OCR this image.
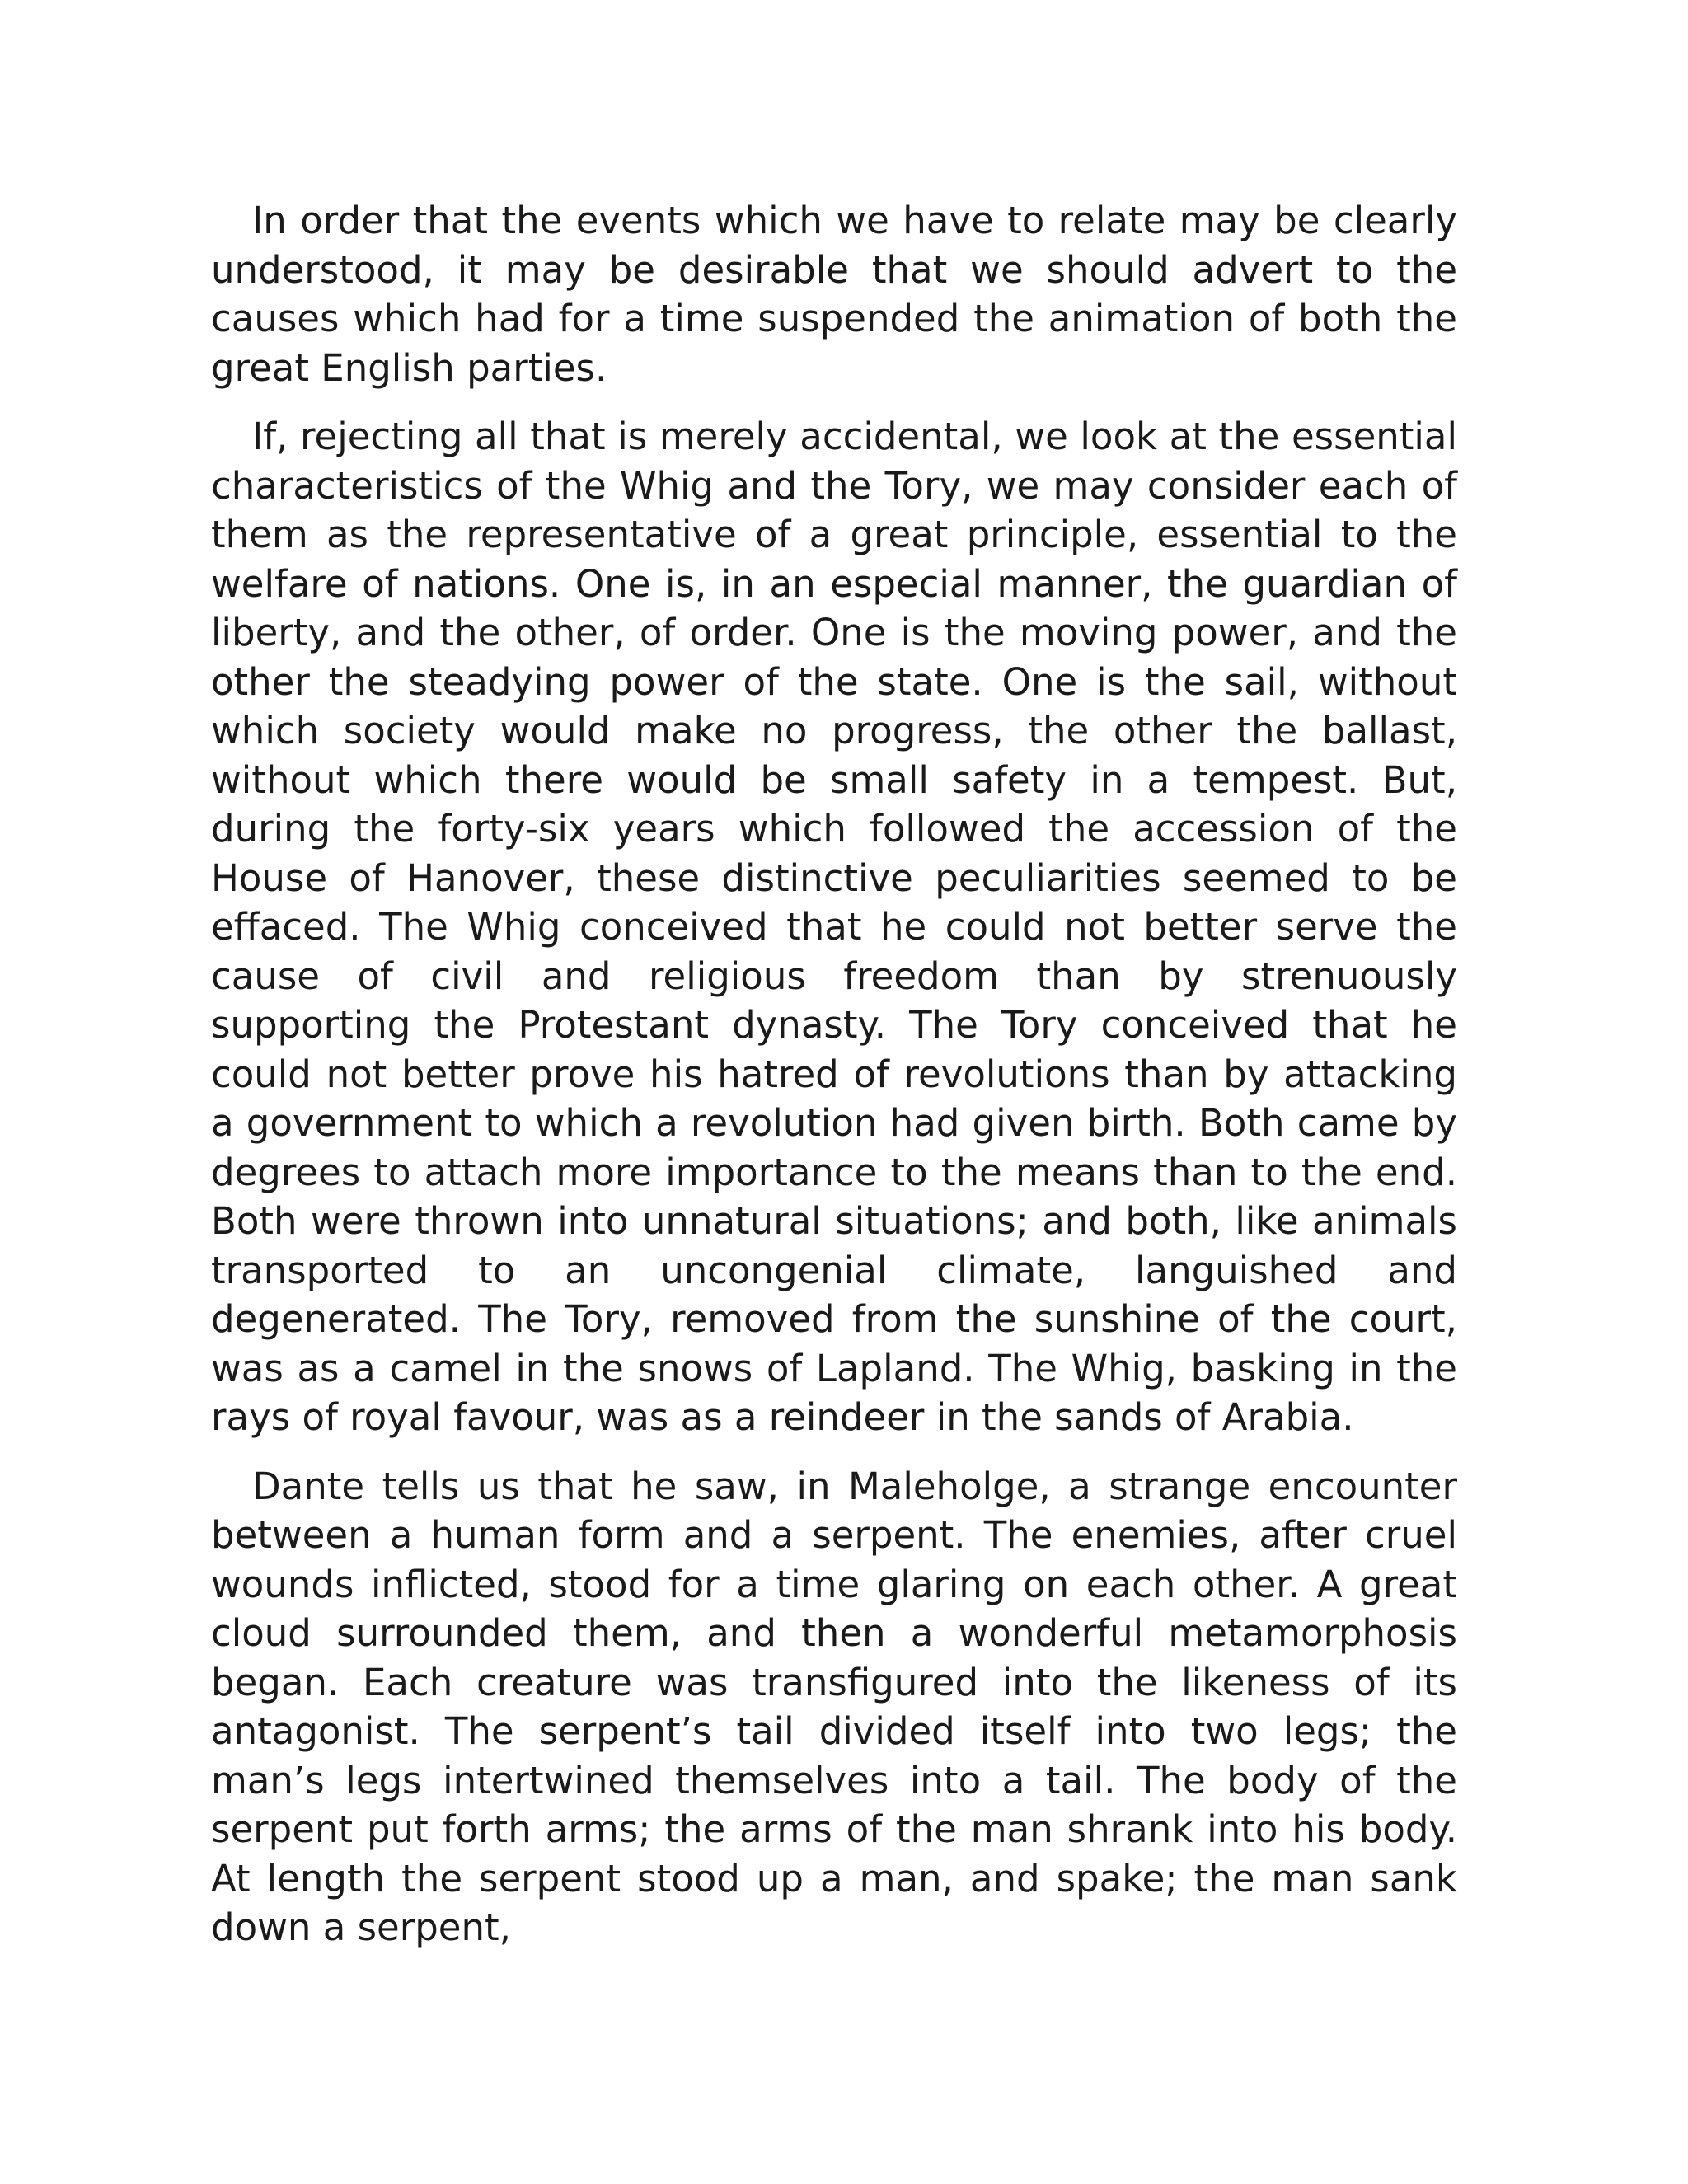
In order that the events which we have to relate may be clearly understood, it may be desirable that we should advert to the causes which had for a time suspended the animation of both the great English parties.

If, rejecting all that is merely accidental, we look at the essential characteristics of the Whig and the Tory, we may consider each of them as the representative of a great principle, essential to the welfare of nations. One is, in an especial manner, the guardian of liberty, and the other, of order. One is the moving power, and the other the steadying power of the state. One is the sail, without which society would make no progress, the other the ballast, without which there would be small safety in a tempest. But, during the forty-six years which followed the accession of the House of Hanover, these distinctive peculiarities seemed to be effaced. The Whig conceived that he could not better serve the cause of civil and religious freedom than by strenuously supporting the Protestant dynasty. The Tory conceived that he could not better prove his hatred of revolutions than by attacking a government to which a revolution had given birth. Both came by degrees to attach more importance to the means than to the end. Both were thrown into unnatural situations; and both, like animals transported to an uncongenial climate, languished and degenerated. The Tory, removed from the sunshine of the court, was as a camel in the snows of Lapland. The Whig, basking in the rays of royal favour, was as a reindeer in the sands of Arabia.

Dante tells us that he saw, in Maleholge, a strange encounter between a human form and a serpent. The enemies, after cruel wounds inflicted, stood for a time glaring on each other. A great cloud surrounded them, and then a wonderful metamorphosis began. Each creature was transfigured into the likeness of its antagonist. The serpent’s tail divided itself into two legs; the man’s legs intertwined themselves into a tail. The body of the serpent put forth arms; the arms of the man shrank into his body. At length the serpent stood up a man, and spake; the man sank down a serpent,
